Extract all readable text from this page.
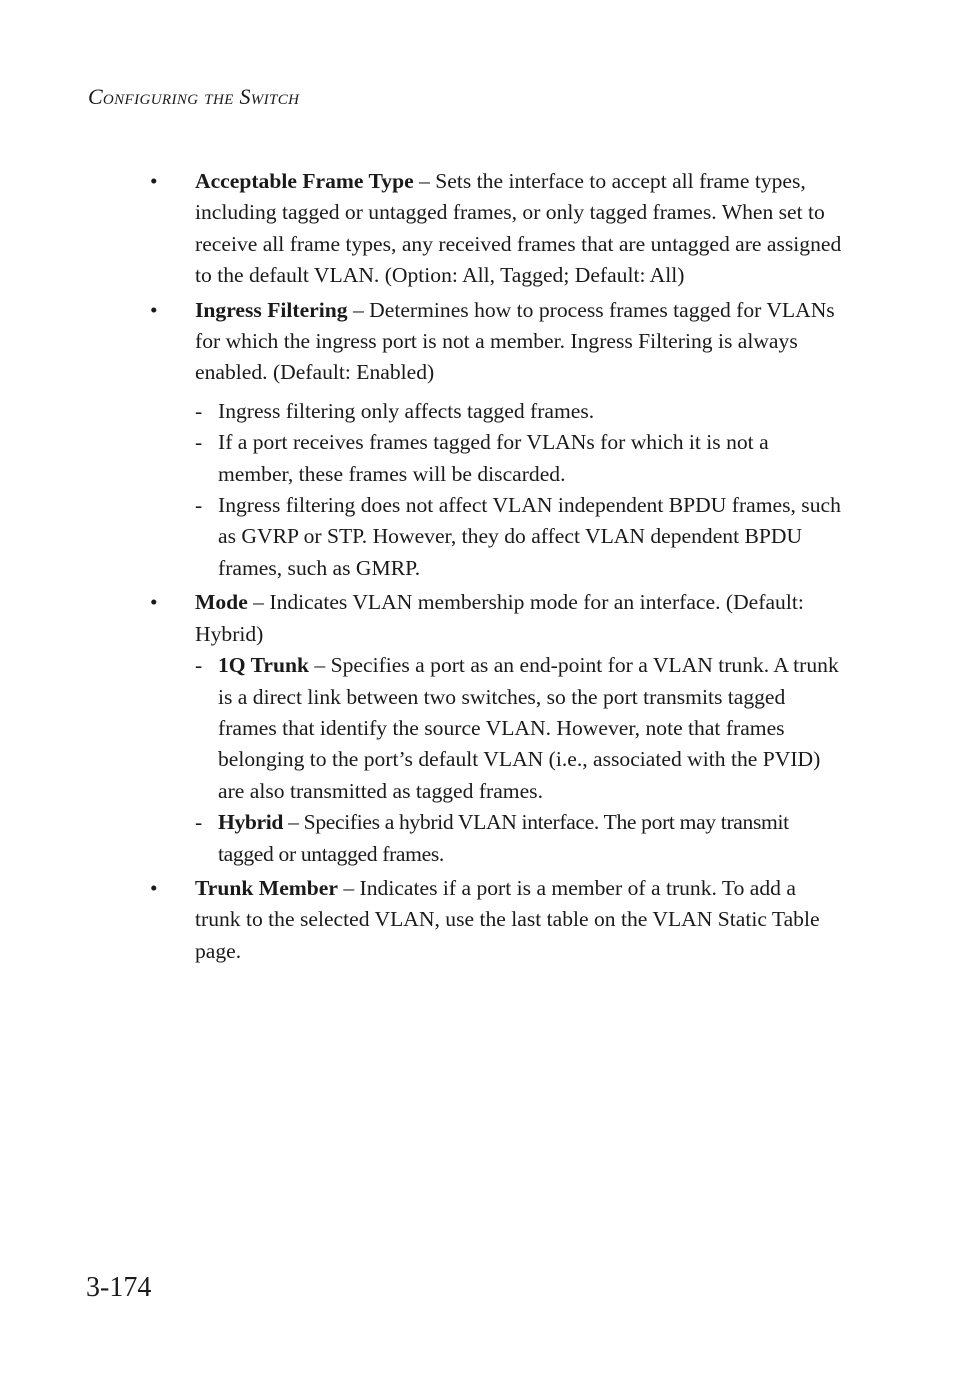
CONFIGURING THE SWITCH
• Acceptable Frame Type – Sets the interface to accept all frame types, including tagged or untagged frames, or only tagged frames. When set to receive all frame types, any received frames that are untagged are assigned to the default VLAN. (Option: All, Tagged; Default: All)

• Ingress Filtering – Determines how to process frames tagged for VLANs for which the ingress port is not a member. Ingress Filtering is always enabled. (Default: Enabled)

- Ingress filtering only affects tagged frames.
- If a port receives frames tagged for VLANs for which it is not a member, these frames will be discarded.
- Ingress filtering does not affect VLAN independent BPDU frames, such as GVRP or STP. However, they do affect VLAN dependent BPDU frames, such as GMRP.
• Mode – Indicates VLAN membership mode for an interface. (Default: Hybrid)

- 1Q Trunk – Specifies a port as an end-point for a VLAN trunk. A trunk is a direct link between two switches, so the port transmits tagged frames that identify the source VLAN. However, note that frames belonging to the port’s default VLAN (i.e., associated with the PVID) are also transmitted as tagged frames.
- Hybrid – Specifies a hybrid VLAN interface. The port may transmit tagged or untagged frames.
• Trunk Member – Indicates if a port is a member of a trunk. To add a trunk to the selected VLAN, use the last table on the VLAN Static Table page.

3-174
